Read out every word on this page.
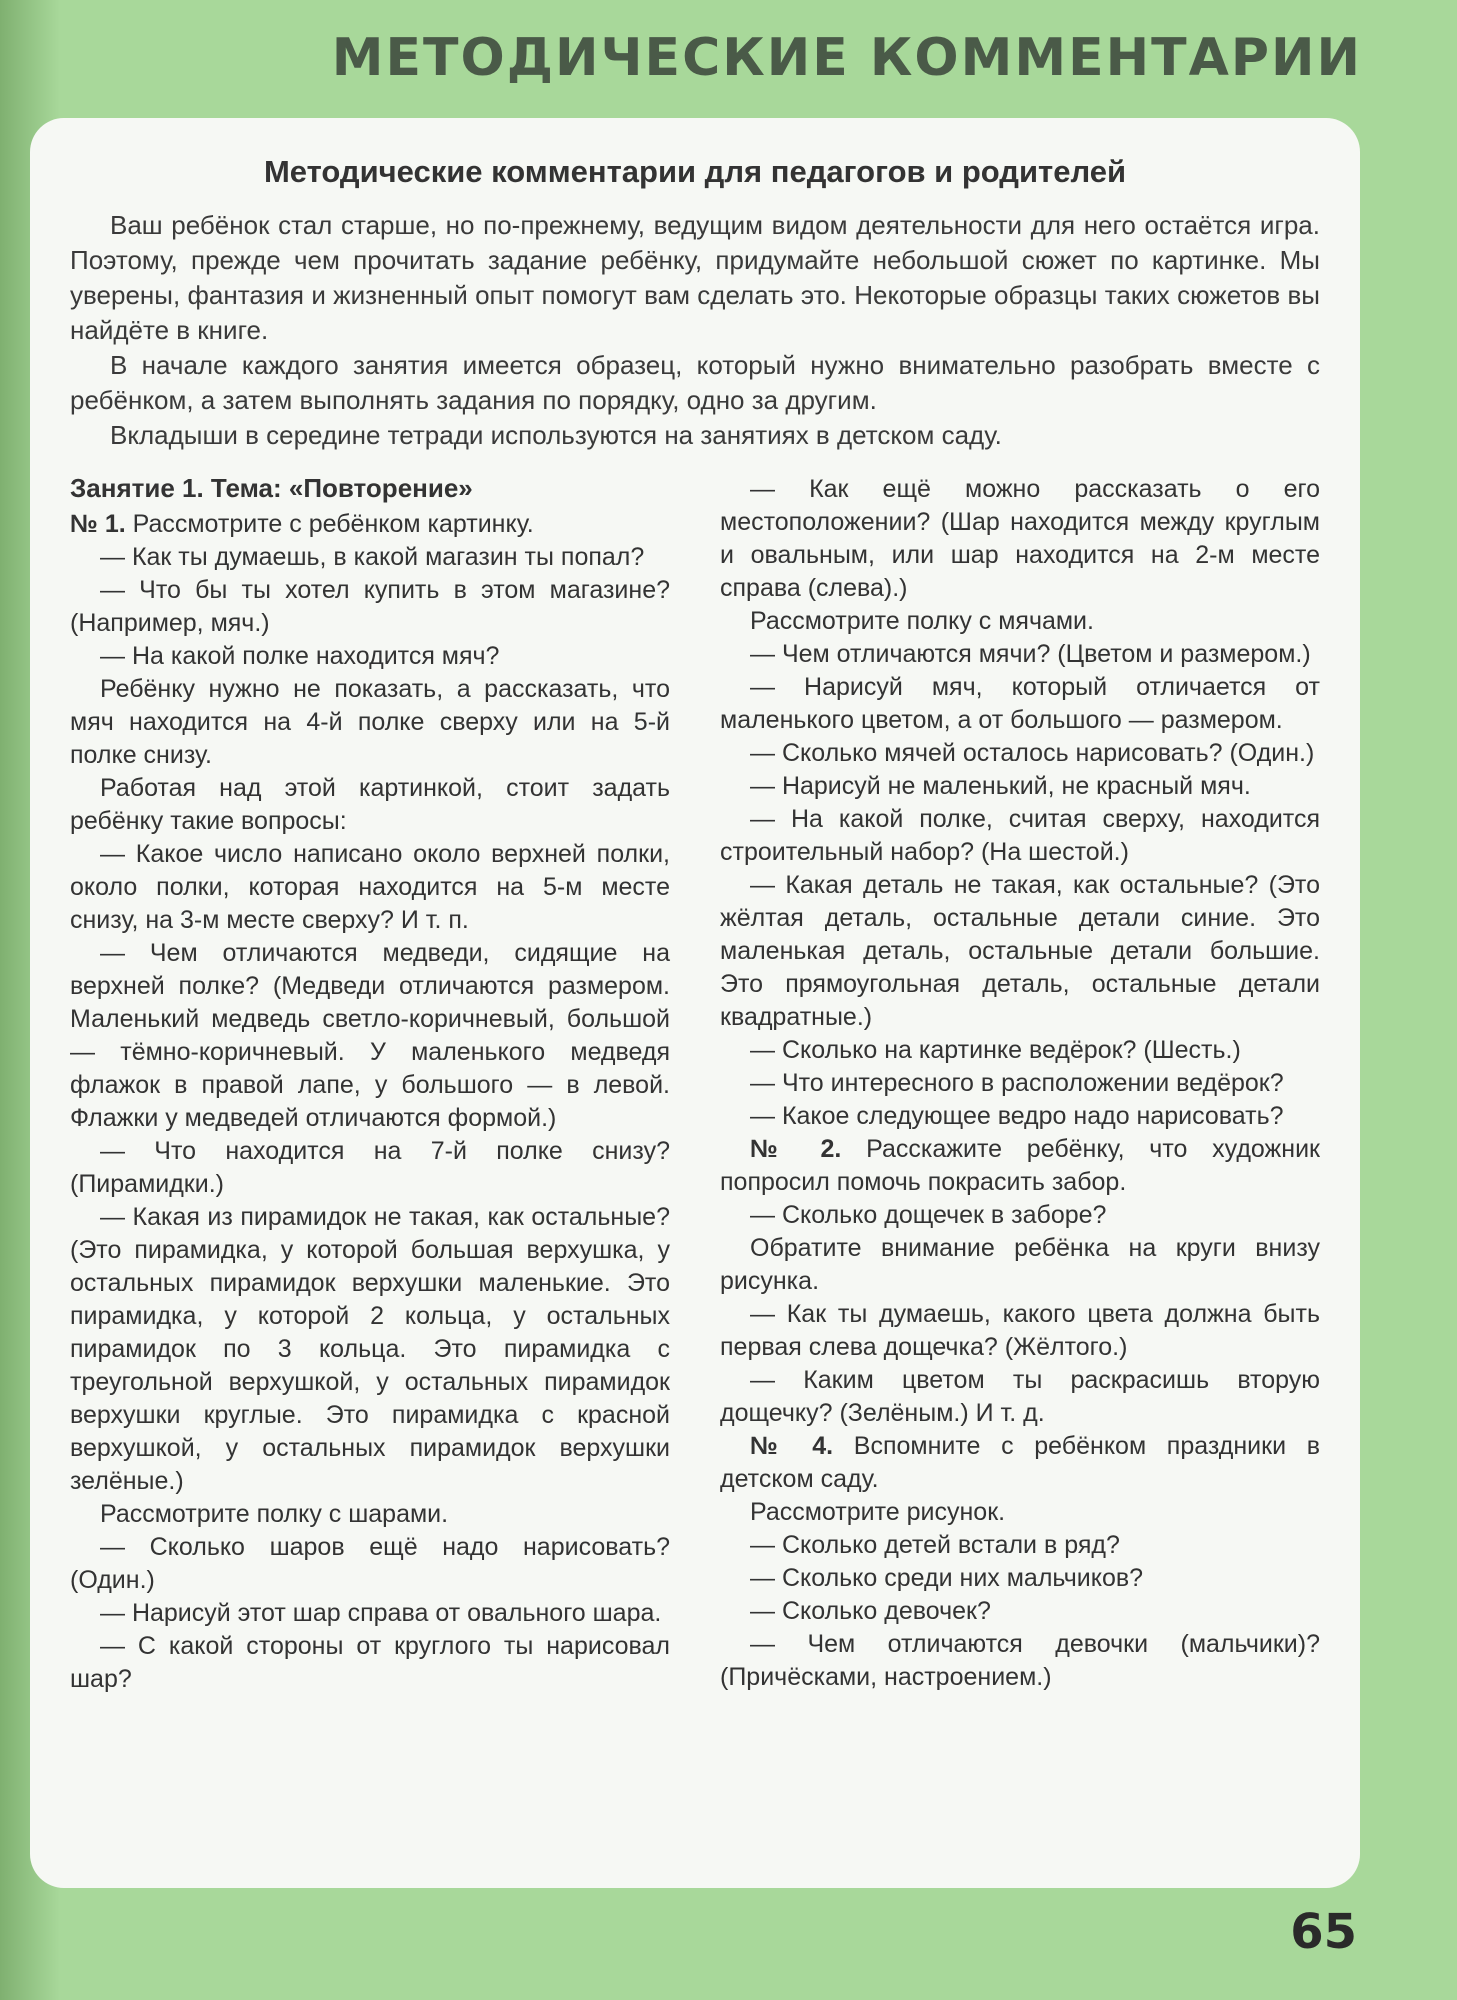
МЕТОДИЧЕСКИЕ КОММЕНТАРИИ
Методические комментарии для педагогов и родителей

Ваш ребёнок стал старше, но по-прежнему, ведущим видом деятельности для него остаётся игра. Поэтому, прежде чем прочитать задание ребёнку, придумайте небольшой сюжет по картинке. Мы уверены, фантазия и жизненный опыт помогут вам сделать это. Некоторые образцы таких сюжетов вы найдёте в книге.

В начале каждого занятия имеется образец, который нужно внимательно разобрать вместе с ребёнком, а затем выполнять задания по порядку, одно за другим.

Вкладыши в середине тетради используются на занятиях в детском саду.

Занятие 1. Тема: «Повторение»

№ 1. Рассмотрите с ребёнком картинку.

— Как ты думаешь, в какой магазин ты попал?

— Что бы ты хотел купить в этом магазине? (Например, мяч.)

— На какой полке находится мяч?

Ребёнку нужно не показать, а рассказать, что мяч находится на 4-й полке сверху или на 5-й полке снизу.

Работая над этой картинкой, стоит задать ребёнку такие вопросы:

— Какое число написано около верхней полки, около полки, которая находится на 5-м месте снизу, на 3-м месте сверху? И т. п.

— Чем отличаются медведи, сидящие на верхней полке? (Медведи отличаются размером. Маленький медведь светло-коричневый, большой — тёмно-коричневый. У маленького медведя флажок в правой лапе, у большого — в левой. Флажки у медведей отличаются формой.)

— Что находится на 7-й полке снизу? (Пирамидки.)

— Какая из пирамидок не такая, как остальные? (Это пирамидка, у которой большая верхушка, у остальных пирамидок верхушки маленькие. Это пирамидка, у которой 2 кольца, у остальных пирамидок по 3 кольца. Это пирамидка с треугольной верхушкой, у остальных пирамидок верхушки круглые. Это пирамидка с красной верхушкой, у остальных пирамидок верхушки зелёные.)

Рассмотрите полку с шарами.

— Сколько шаров ещё надо нарисовать? (Один.)

— Нарисуй этот шар справа от овального шара.

— С какой стороны от круглого ты нарисовал шар?

— Как ещё можно рассказать о его местоположении? (Шар находится между круглым и овальным, или шар находится на 2-м месте справа (слева).)

Рассмотрите полку с мячами.

— Чем отличаются мячи? (Цветом и размером.)

— Нарисуй мяч, который отличается от маленького цветом, а от большого — размером.

— Сколько мячей осталось нарисовать? (Один.)

— Нарисуй не маленький, не красный мяч.

— На какой полке, считая сверху, находится строительный набор? (На шестой.)

— Какая деталь не такая, как остальные? (Это жёлтая деталь, остальные детали синие. Это маленькая деталь, остальные детали большие. Это прямоугольная деталь, остальные детали квадратные.)

— Сколько на картинке ведёрок? (Шесть.)

— Что интересного в расположении ведёрок?

— Какое следующее ведро надо нарисовать?

№ 2. Расскажите ребёнку, что художник попросил помочь покрасить забор.

— Сколько дощечек в заборе?

Обратите внимание ребёнка на круги внизу рисунка.

— Как ты думаешь, какого цвета должна быть первая слева дощечка? (Жёлтого.)

— Каким цветом ты раскрасишь вторую дощечку? (Зелёным.) И т. д.

№ 4. Вспомните с ребёнком праздники в детском саду.

Рассмотрите рисунок.

— Сколько детей встали в ряд?

— Сколько среди них мальчиков?

— Сколько девочек?

— Чем отличаются девочки (мальчики)? (Причёсками, настроением.)

65
